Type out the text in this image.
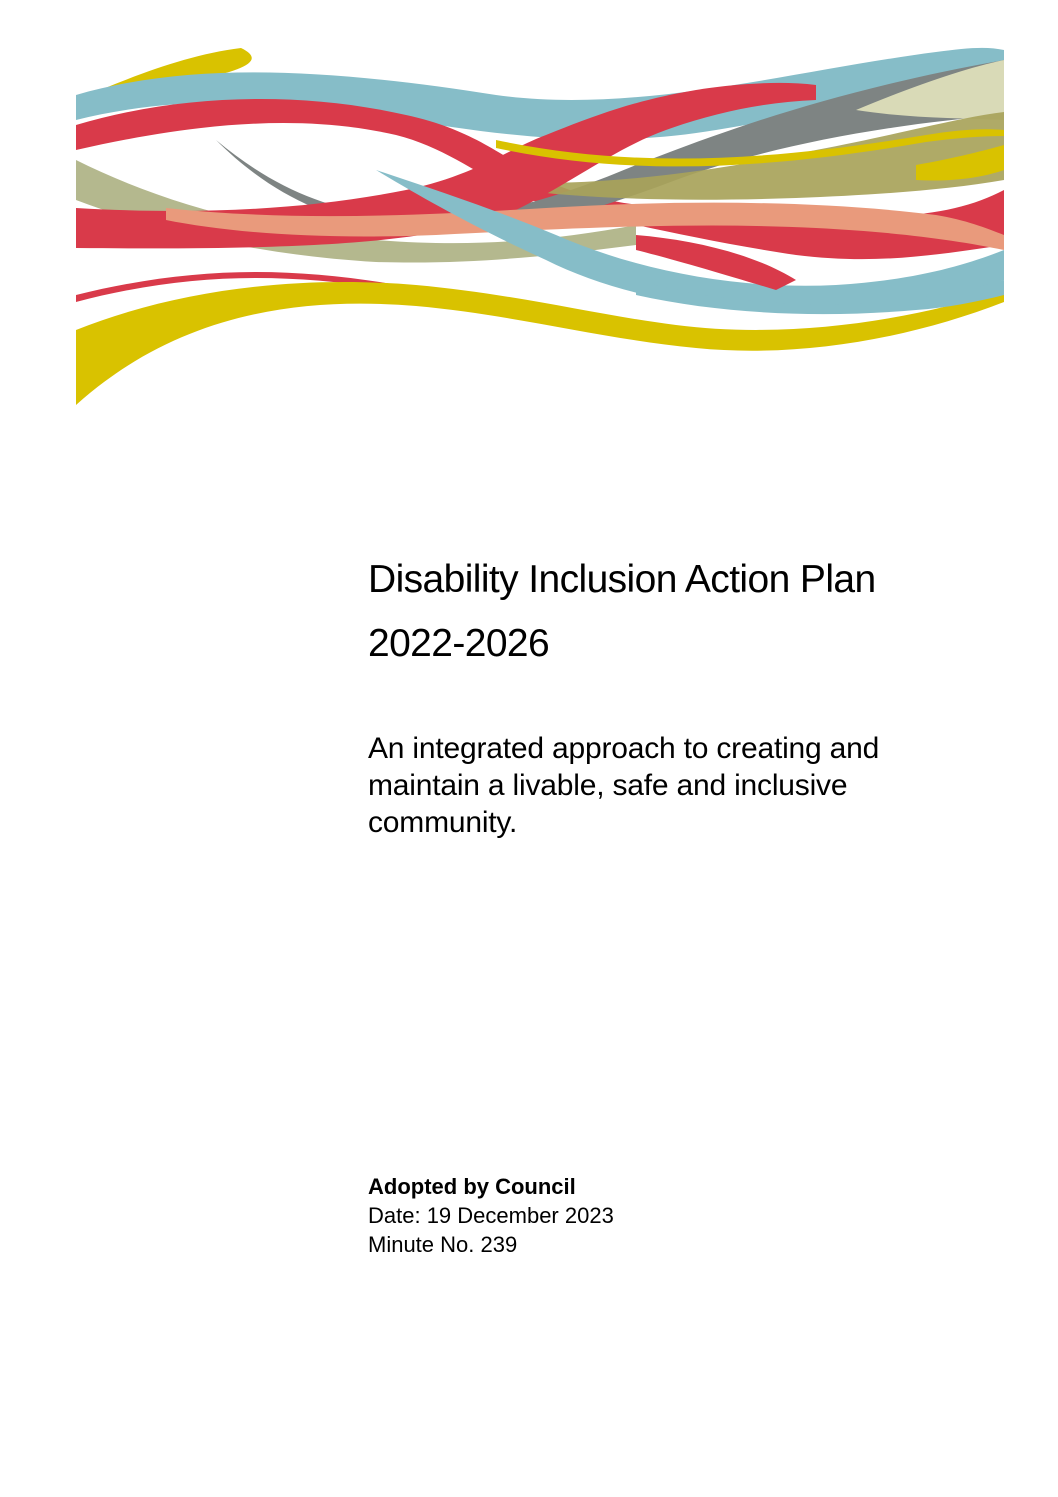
Disability Inclusion Action Plan
2022-2026
An integrated approach to creating and maintain a livable, safe and inclusive community.
Adopted by Council
Date: 19 December 2023
Minute No. 239
